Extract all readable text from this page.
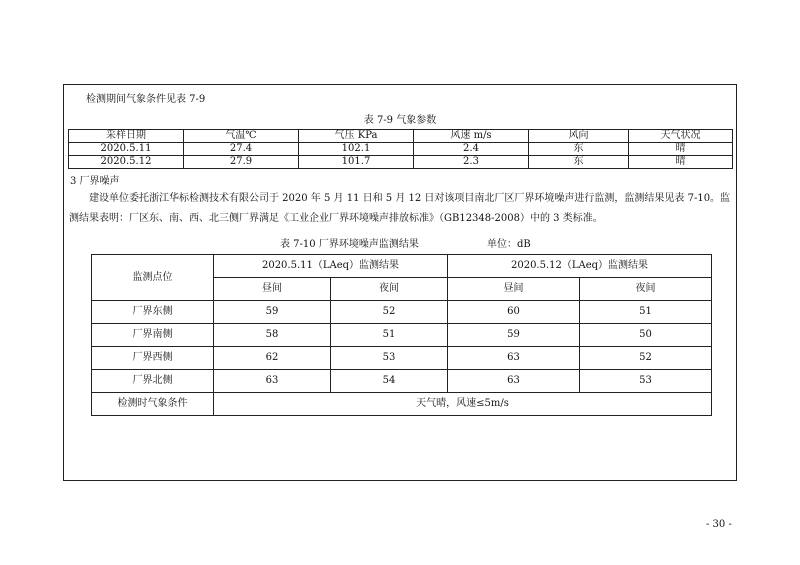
检测期间气象条件见表 7-9
表 7-9 气象参数
采样日期	气温℃	气压 KPa	风速 m/s	风向	天气状况
2020.5.11	27.4	102.1	2.4	东	晴
2020.5.12	27.9	101.7	2.3	东	晴
3 厂界噪声
建设单位委托浙江华标检测技术有限公司于 2020 年 5 月 11 日和 5 月 12 日对该项目南北厂区厂界环境噪声进行监测，监测结果见表 7-10。监测结果表明：厂区东、南、西、北三侧厂界满足《工业企业厂界环境噪声排放标准》（GB12348-2008）中的 3 类标准。
表 7-10 厂界环境噪声监测结果	单位：dB
监测点位	2020.5.11（LAeq）监测结果		2020.5.12（LAeq）监测结果	
	昼间	夜间	昼间	夜间
厂界东侧	59	52	60	51
厂界南侧	58	51	59	50
厂界西侧	62	53	63	52
厂界北侧	63	54	63	53
检测时气象条件	天气晴，风速≤5m/s			
- 30 -
